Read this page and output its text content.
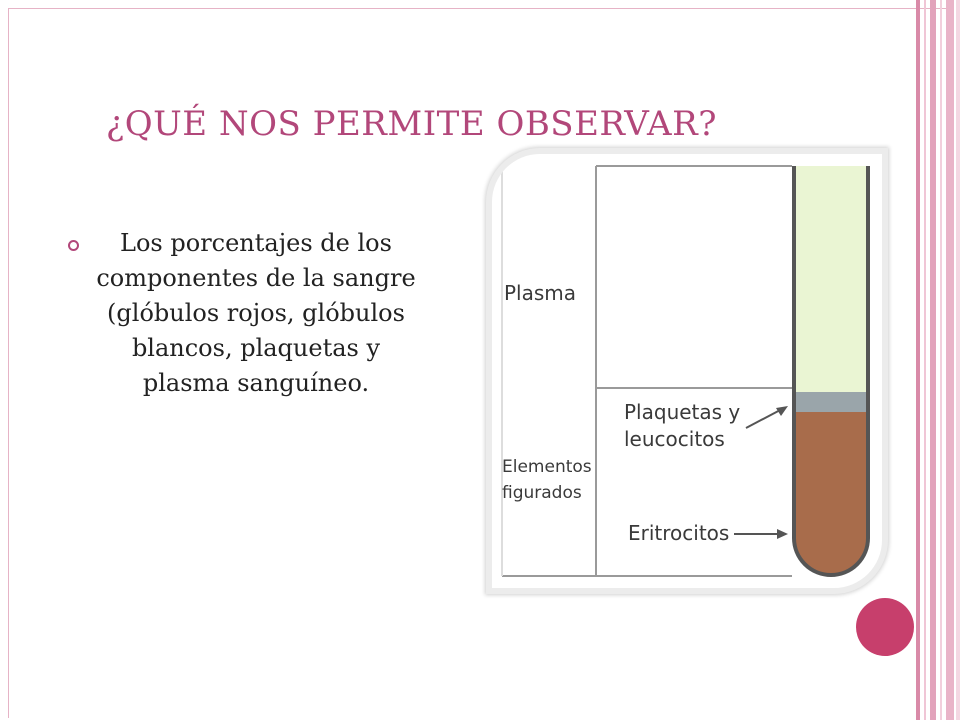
¿QUÉ NOS PERMITE OBSERVAR?
Los porcentajes de los componentes de la sangre (glóbulos rojos, glóbulos blancos, plaquetas y plasma sanguíneo.
Plasma
Elementos
figurados
Plaquetas y
leucocitos
Eritrocitos
